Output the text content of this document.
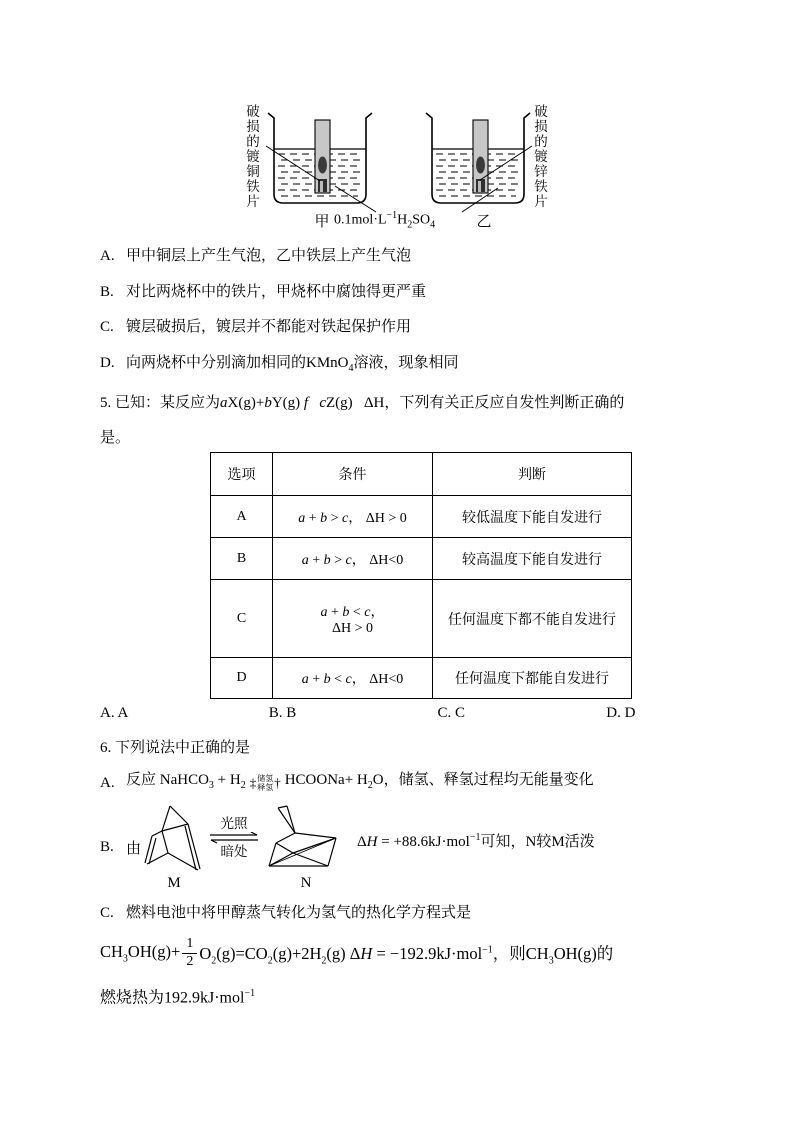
破损的镀铜铁片	破损的镀锌铁片
甲	乙
$0.1mol\cdot L^{-1}H_2SO_4$
A. 甲中铜层上产生气泡，乙中铁层上产生气泡
B. 对比两烧杯中的铁片，甲烧杯中腐蚀得更严重
C. 镀层破损后，镀层并不都能对铁起保护作用
D. 向两烧杯中分别滴加相同的KMnO$_4$溶液，现象相同
5. 已知：某反应为aX(g)+bY(g) f   cZ(g)   ΔH，下列有关正反应自发性判断正确的
是。
选项	条件	判断
A	a + b > c， ΔH > 0	较低温度下能自发进行
B	a + b > c， ΔH<0	较高温度下能自发进行
C	a + b < c，
ΔH > 0	任何温度下都不能自发进行
D	a + b < c， ΔH<0	任何温度下都能自发进行
A. A	B. B	C. C	D. D
6. 下列说法中正确的是
A. 反应 NaHCO$_3$ + $H_2$ ‡ 储氢
释氢 † HCOONa+ $H_2O$，储氢、释氢过程均无能量变化
B. 由
M
光照
暗处
N
ΔH = +88.6kJ·mol$^{-1}$可知，N较M活泼
C. 燃料电池中将甲醇蒸气转化为氢气的热化学方程式是
$CH_3OH(g)+ \frac{1}{2} O_2(g)=CO_2(g)+2H_2(g) \Delta H = -192.9kJ\cdot mol^{-1}$，则$CH_3OH(g)$的
燃烧热为192.9kJ·mol$^{-1}$
